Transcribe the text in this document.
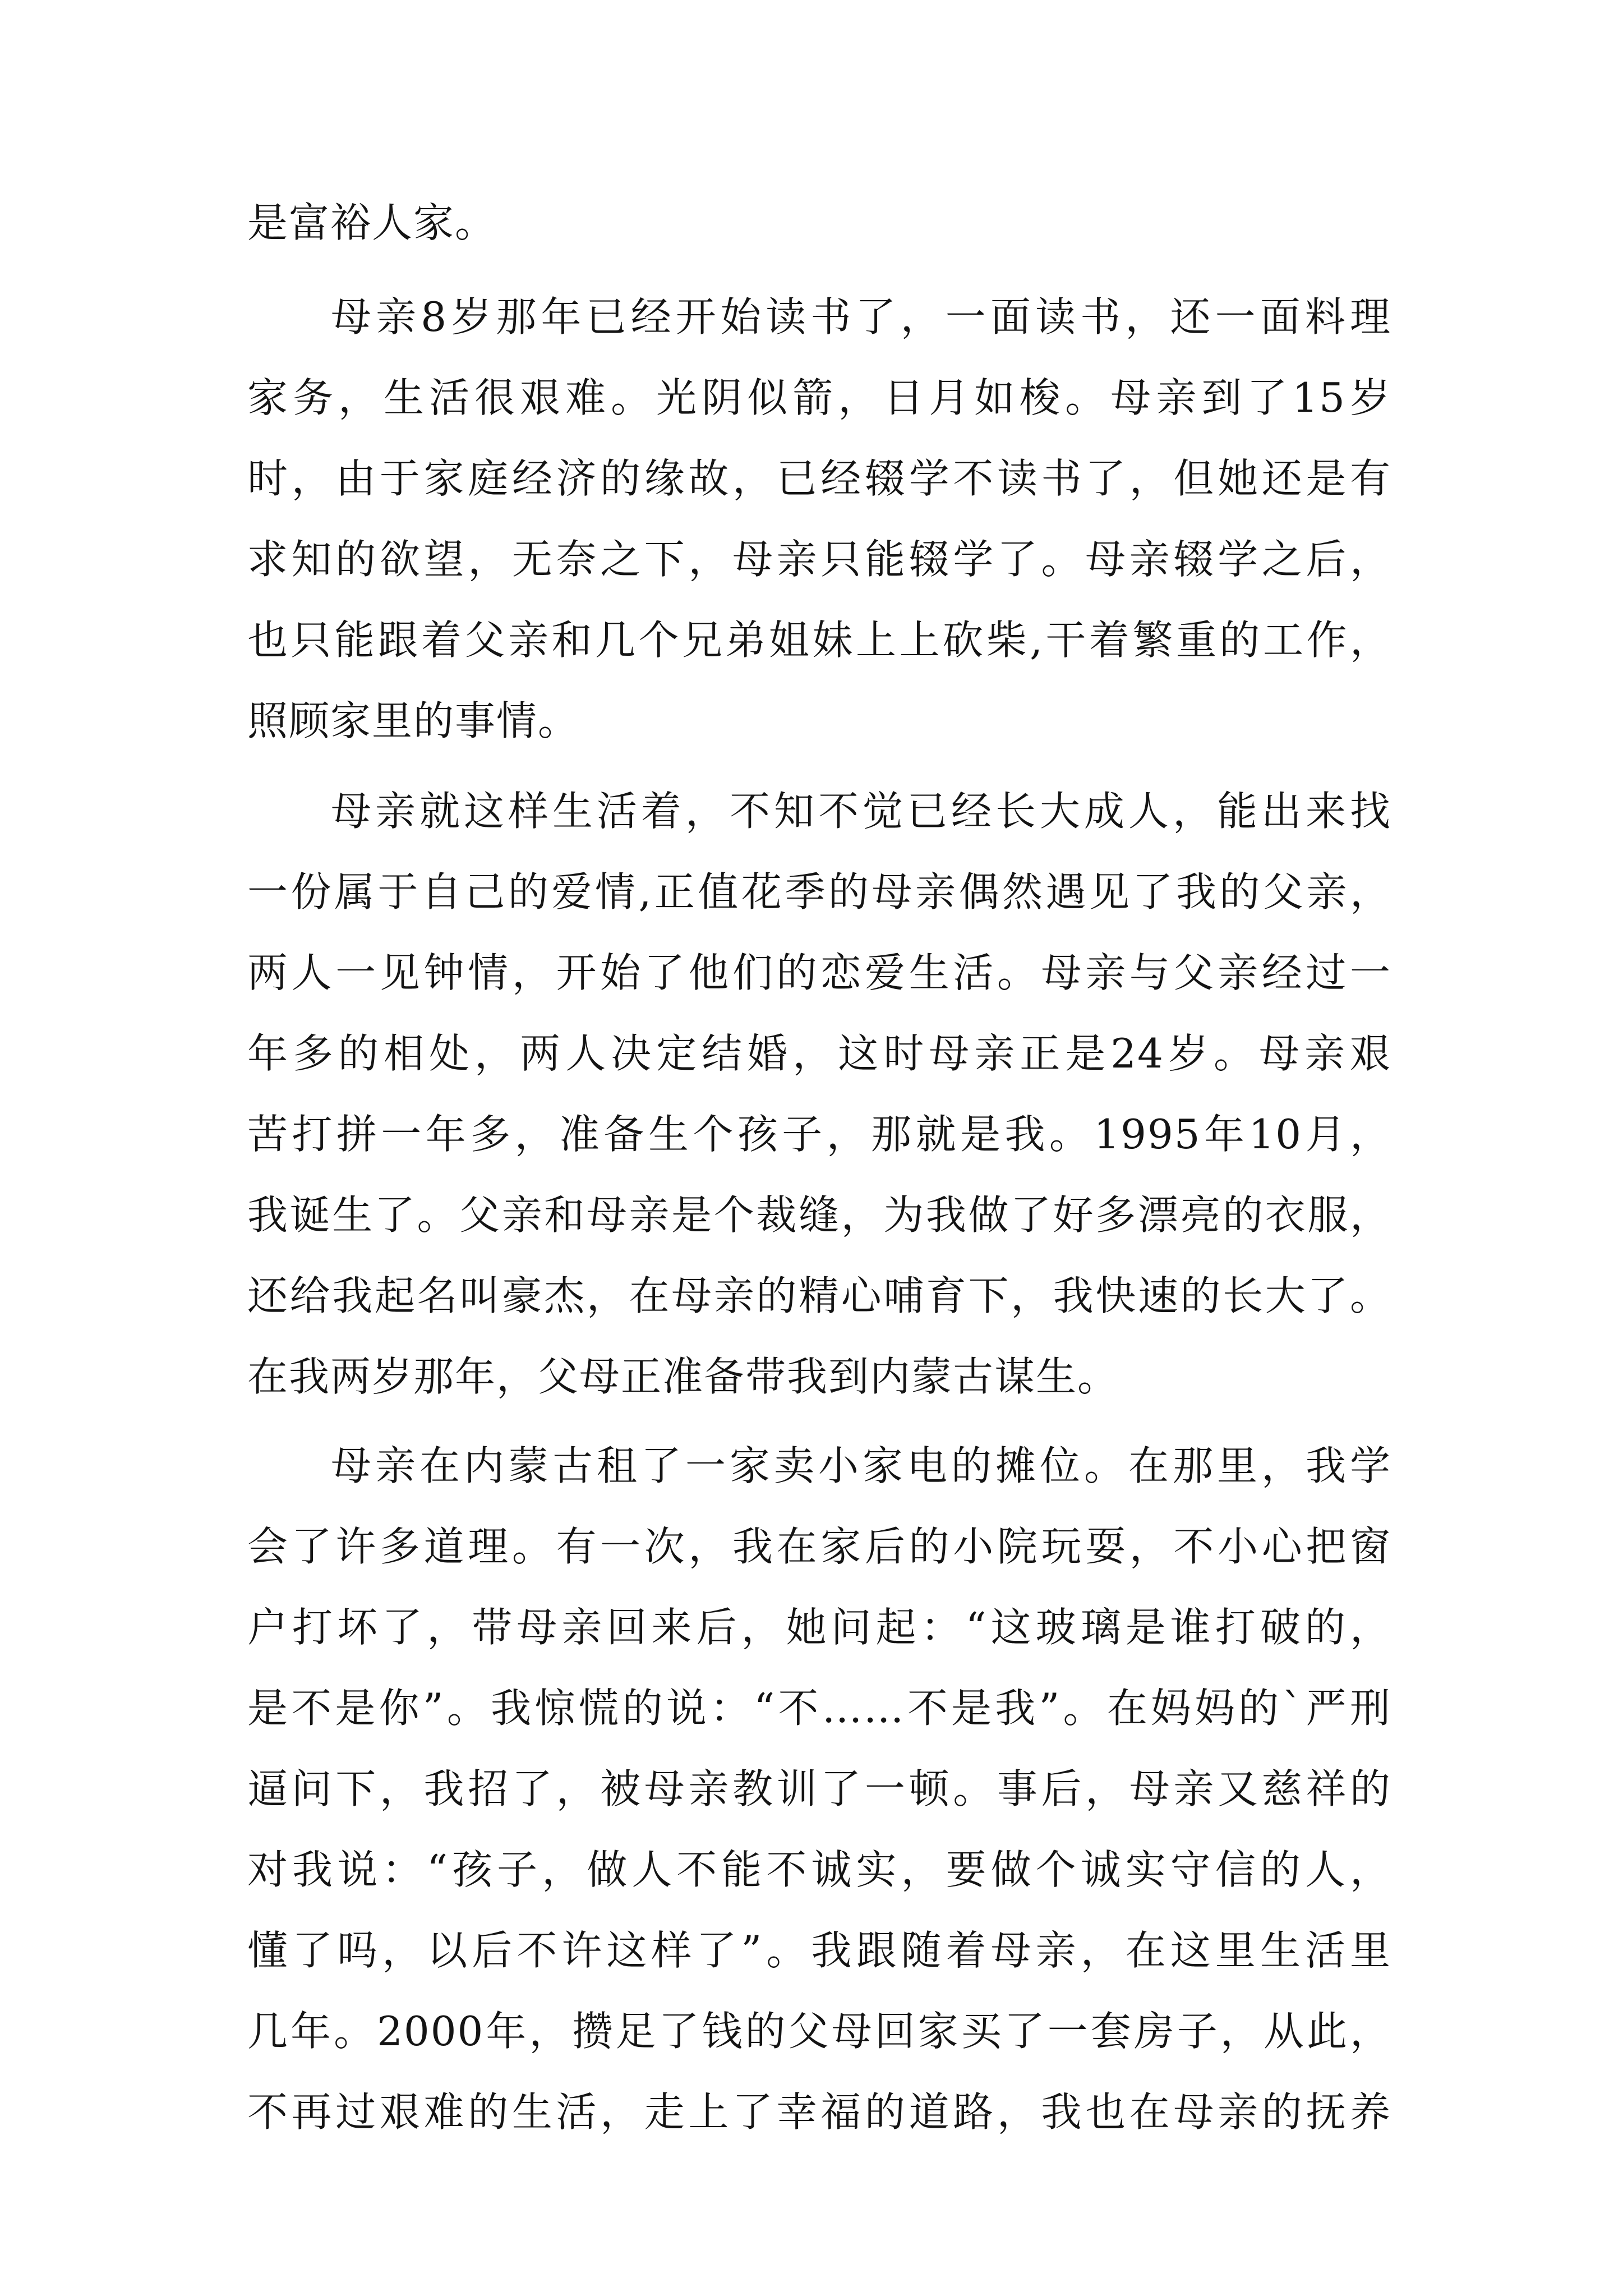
是富裕人家。
母亲8岁那年已经开始读书了，一面读书，还一面料理
家务，生活很艰难。光阴似箭，日月如梭。母亲到了15岁
时，由于家庭经济的缘故，已经辍学不读书了，但她还是有
求知的欲望，无奈之下，母亲只能辍学了。母亲辍学之后，
也只能跟着父亲和几个兄弟姐妹上上砍柴,干着繁重的工作，
照顾家里的事情。
母亲就这样生活着，不知不觉已经长大成人，能出来找
一份属于自己的爱情,正值花季的母亲偶然遇见了我的父亲，
两人一见钟情，开始了他们的恋爱生活。母亲与父亲经过一
年多的相处，两人决定结婚，这时母亲正是24岁。母亲艰
苦打拼一年多，准备生个孩子，那就是我。1995年10月，
我诞生了。父亲和母亲是个裁缝，为我做了好多漂亮的衣服，
还给我起名叫豪杰，在母亲的精心哺育下，我快速的长大了。
在我两岁那年，父母正准备带我到内蒙古谋生。
母亲在内蒙古租了一家卖小家电的摊位。在那里，我学
会了许多道理。有一次，我在家后的小院玩耍，不小心把窗
户打坏了，带母亲回来后，她问起：“这玻璃是谁打破的，
是不是你”。我惊慌的说：“不……不是我”。在妈妈的`严刑
逼问下，我招了，被母亲教训了一顿。事后，母亲又慈祥的
对我说：“孩子，做人不能不诚实，要做个诚实守信的人，
懂了吗，以后不许这样了”。我跟随着母亲，在这里生活里
几年。2000年，攒足了钱的父母回家买了一套房子，从此，
不再过艰难的生活，走上了幸福的道路，我也在母亲的抚养
